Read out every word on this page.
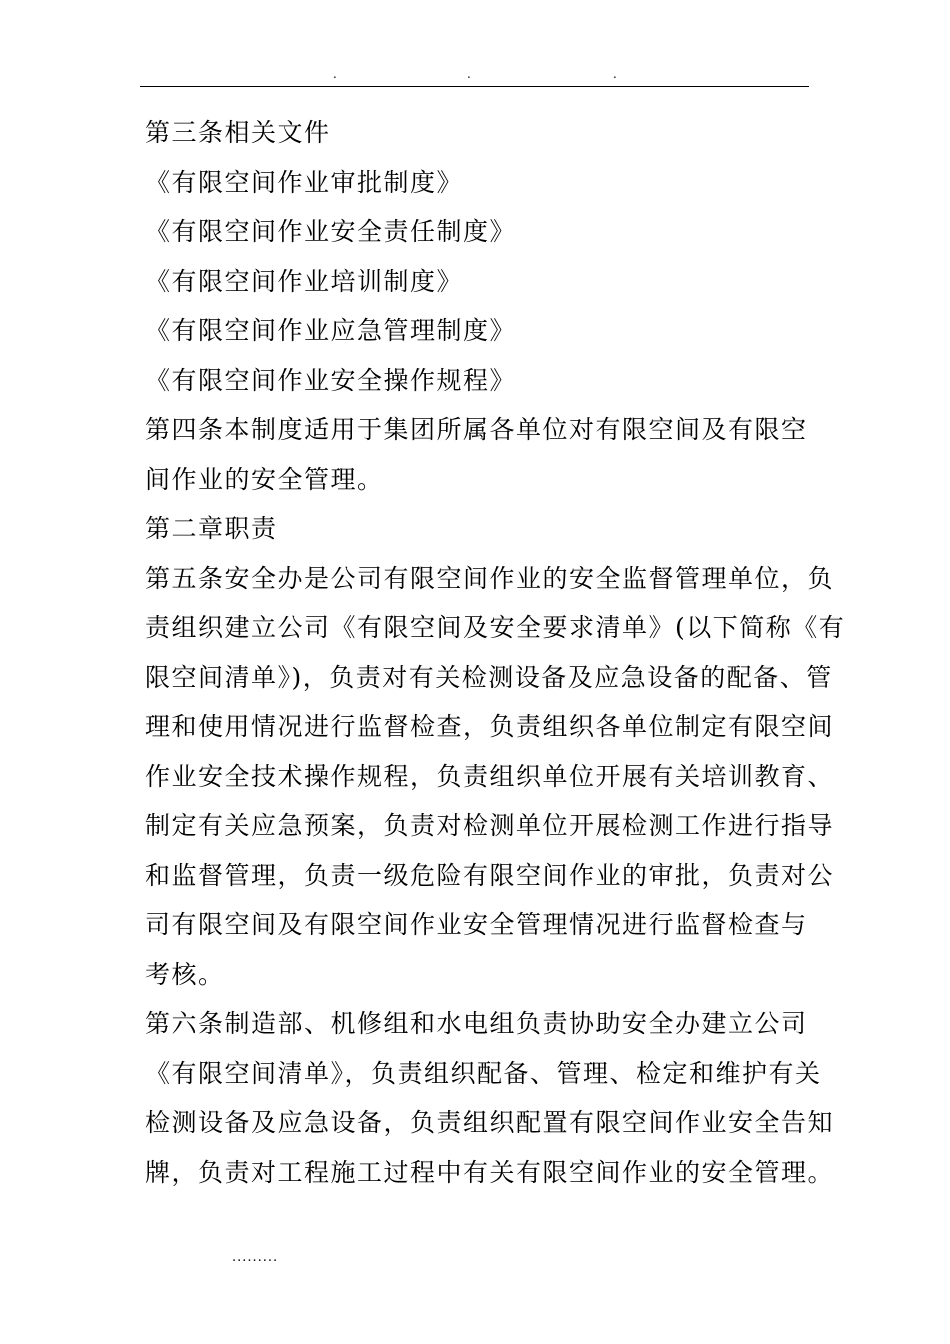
.	.	.
第三条相关文件
《有限空间作业审批制度》
《有限空间作业安全责任制度》
《有限空间作业培训制度》
《有限空间作业应急管理制度》
《有限空间作业安全操作规程》
第四条本制度适用于集团所属各单位对有限空间及有限空
间作业的安全管理。
第二章职责
第五条安全办是公司有限空间作业的安全监督管理单位，负
责组织建立公司《有限空间及安全要求清单》(以下简称《有
限空间清单》)，负责对有关检测设备及应急设备的配备、管
理和使用情况进行监督检查，负责组织各单位制定有限空间
作业安全技术操作规程，负责组织单位开展有关培训教育、
制定有关应急预案，负责对检测单位开展检测工作进行指导
和监督管理，负责一级危险有限空间作业的审批，负责对公
司有限空间及有限空间作业安全管理情况进行监督检查与
考核。
第六条制造部、机修组和水电组负责协助安全办建立公司
《有限空间清单》，负责组织配备、管理、检定和维护有关
检测设备及应急设备，负责组织配置有限空间作业安全告知
牌，负责对工程施工过程中有关有限空间作业的安全管理。
.........
